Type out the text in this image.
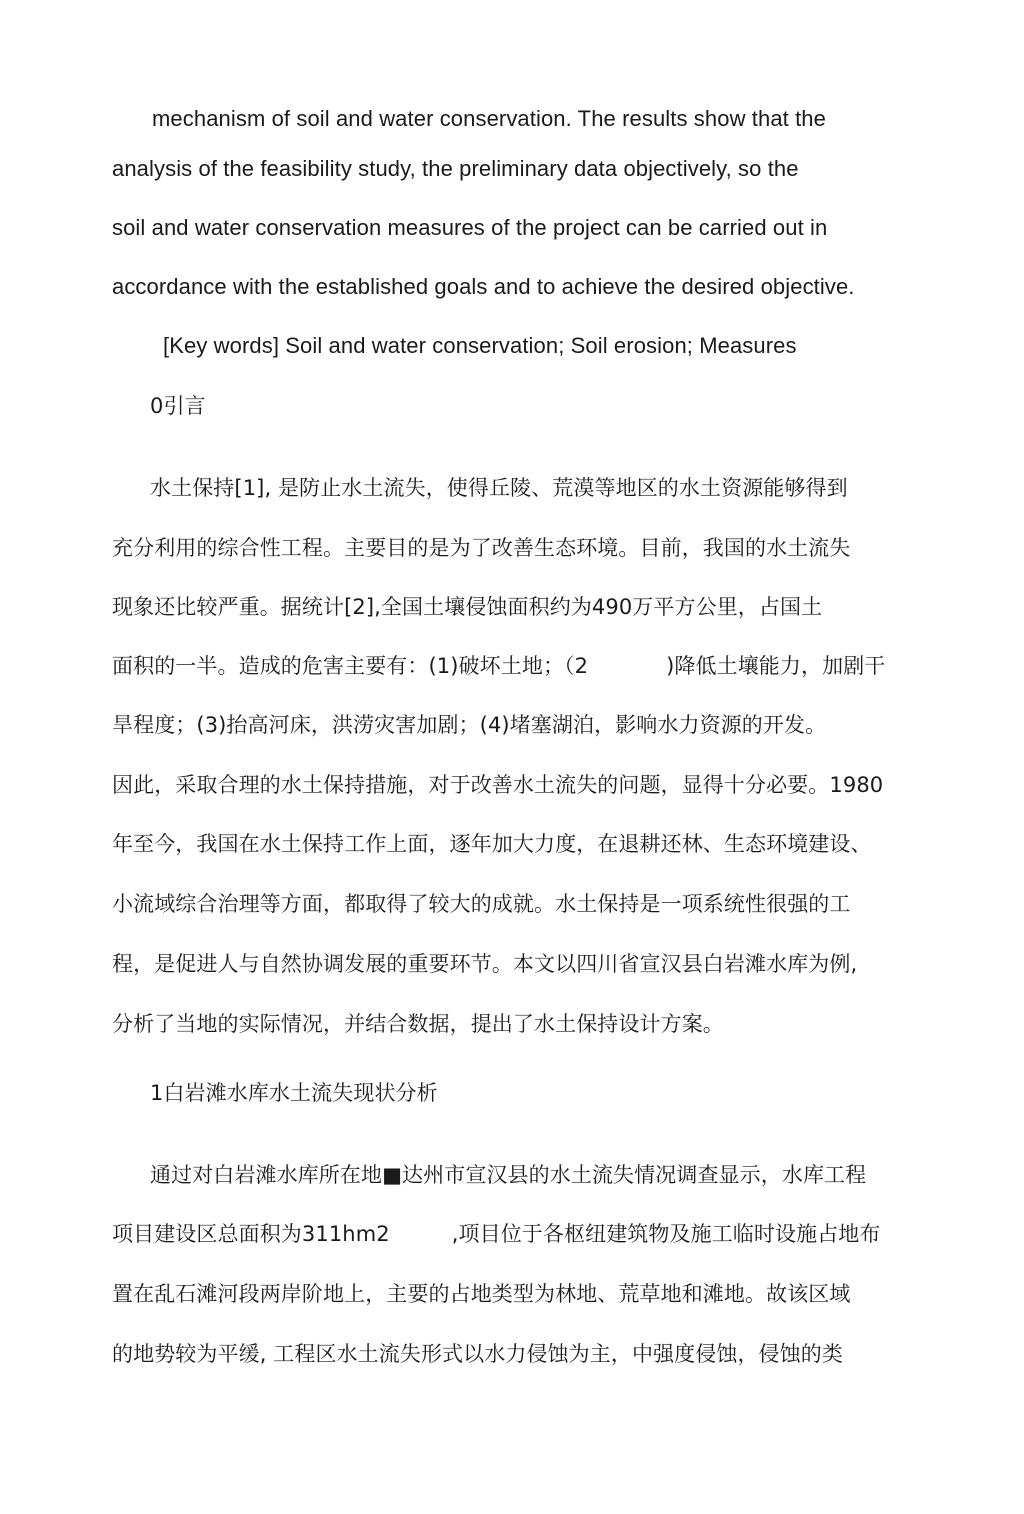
mechanism of soil and water conservation. The results show that the
analysis of the feasibility study, the preliminary data objectively, so the
soil and water conservation measures of the project can be carried out in
accordance with the established goals and to achieve the desired objective.
[Key words] Soil and water conservation; Soil erosion; Measures
0引言
水土保持[1], 是防止水土流失，使得丘陵、荒漠等地区的水土资源能够得到
充分利用的综合性工程。主要目的是为了改善生态环境。目前，我国的水土流失
现象还比较严重。据统计[2],全国土壤侵蚀面积约为490万平方公里，占国土
面积的一半。造成的危害主要有：(1)破坏土地；（2	)降低土壤能力，加剧干
旱程度；(3)抬高河床，洪涝灾害加剧；(4)堵塞湖泊，影响水力资源的开发。
因此，采取合理的水土保持措施，对于改善水土流失的问题，显得十分必要。1980
年至今，我国在水土保持工作上面，逐年加大力度，在退耕还林、生态环境建设、
小流域综合治理等方面，都取得了较大的成就。水土保持是一项系统性很强的工
程，是促进人与自然协调发展的重要环节。本文以四川省宣汉县白岩滩水库为例,
分析了当地的实际情况，并结合数据，提出了水土保持设计方案。
1白岩滩水库水土流失现状分析
通过对白岩滩水库所在地■达州市宣汉县的水土流失情况调查显示，水库工程
项目建设区总面积为311hm2	,项目位于各枢纽建筑物及施工临时设施占地布
置在乱石滩河段两岸阶地上，主要的占地类型为林地、荒草地和滩地。故该区域
的地势较为平缓, 工程区水土流失形式以水力侵蚀为主，中强度侵蚀，侵蚀的类
